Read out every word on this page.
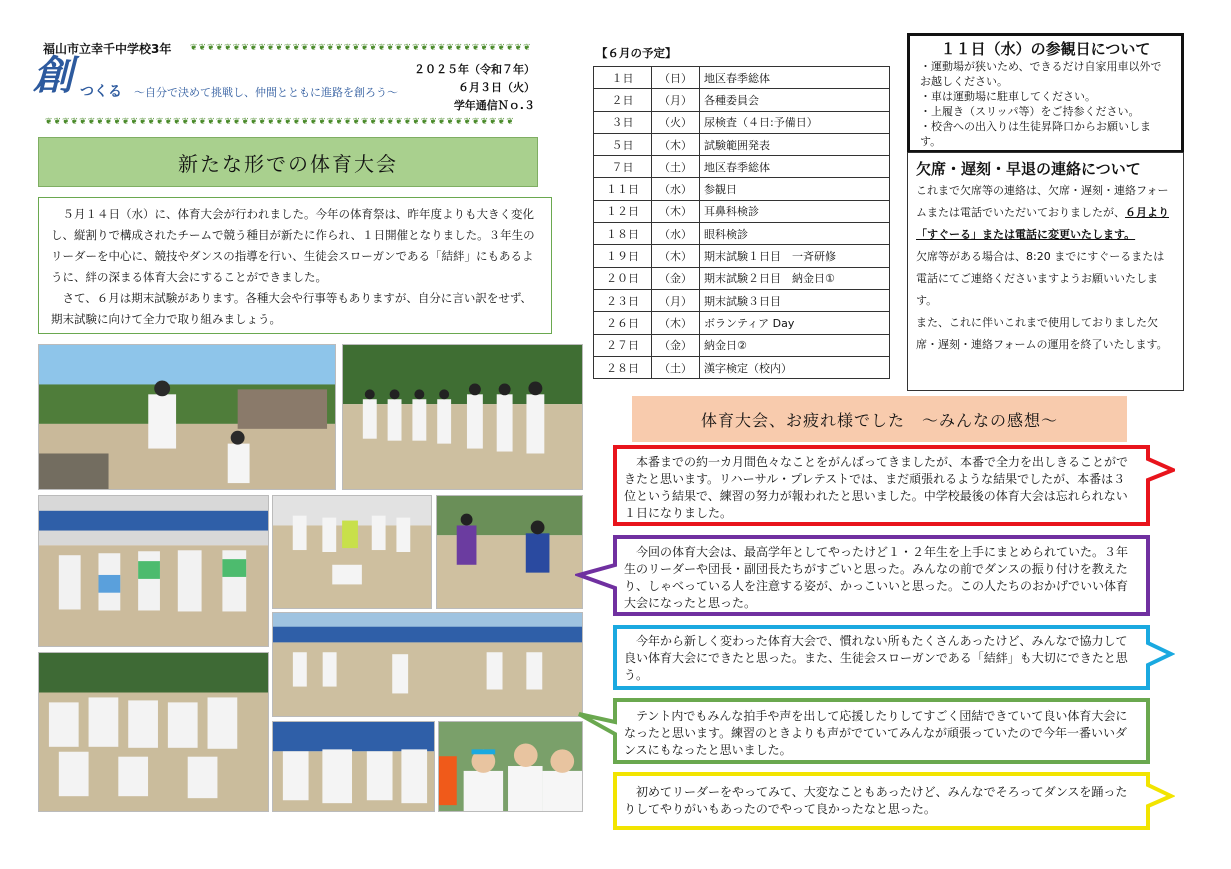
福山市立幸千中学校3年 ❦❦❦❦❦❦❦❦❦❦❦❦❦❦❦❦❦❦❦❦❦❦❦❦❦❦❦❦❦❦❦❦❦❦❦❦❦❦❦❦
創 つくる ～自分で決めて挑戦し、仲間とともに進路を創ろう～
２０２５年（令和７年）
６月３日（火）
学年通信Ｎｏ.３
❦❦❦❦❦❦❦❦❦❦❦❦❦❦❦❦❦❦❦❦❦❦❦❦❦❦❦❦❦❦❦❦❦❦❦❦❦❦❦❦❦❦❦❦❦❦❦❦❦❦❦❦❦❦❦
新たな形での体育大会

５月１４日（水）に、体育大会が行われました。今年の体育祭は、昨年度よりも大きく変化し、縦割りで構成されたチームで競う種目が新たに作られ、１日開催となりました。３年生のリーダーを中心に、競技やダンスの指導を行い、生徒会スローガンである「結絆」にもあるように、絆の深まる体育大会にすることができました。

さて、６月は期末試験があります。各種大会や行事等もありますが、自分に言い訳をせず、期末試験に向けて全力で取り組みましょう。

【６月の予定】
１日	（日）	地区春季総体
２日	（月）	各種委員会
３日	（火）	尿検査（４日:予備日）
５日	（木）	試験範囲発表
７日	（土）	地区春季総体
１１日	（水）	参観日
１２日	（木）	耳鼻科検診
１８日	（水）	眼科検診
１９日	（木）	期末試験１日目　一斉研修
２０日	（金）	期末試験２日目　納金日①
２３日	（月）	期末試験３日目
２６日	（木）	ボランティア Day
２７日	（金）	納金日②
２８日	（土）	漢字検定（校内）
１１日（水）の参観日について
・運動場が狭いため、できるだけ自家用車以外でお越しください。
・車は運動場に駐車してください。
・上履き（スリッパ等）をご持参ください。
・校舎への出入りは生徒昇降口からお願いします。
欠席・遅刻・早退の連絡について

これまで欠席等の連絡は、欠席・遅刻・連絡フォームまたは電話でいただいておりましたが、６月より「すぐーる」または電話に変更いたします。

欠席等がある場合は、8:20 までにすぐーるまたは電話にてご連絡くださいますようお願いいたします。

また、これに伴いこれまで使用しておりました欠席・遅刻・連絡フォームの運用を終了いたします。

体育大会、お疲れ様でした　～みんなの感想～
本番までの約一カ月間色々なことをがんばってきましたが、本番で全力を出しきることができたと思います。リハーサル・プレテストでは、まだ頑張れるような結果でしたが、本番は３位という結果で、練習の努力が報われたと思いました。中学校最後の体育大会は忘れられない１日になりました。
今回の体育大会は、最高学年としてやったけど１・２年生を上手にまとめられていた。３年生のリーダーや団長・副団長たちがすごいと思った。みんなの前でダンスの振り付けを教えたり、しゃべっている人を注意する姿が、かっこいいと思った。この人たちのおかげでいい体育大会になったと思った。
今年から新しく変わった体育大会で、慣れない所もたくさんあったけど、みんなで協力して良い体育大会にできたと思った。また、生徒会スローガンである「結絆」も大切にできたと思う。
テント内でもみんな拍手や声を出して応援したりしてすごく団結できていて良い体育大会になったと思います。練習のときよりも声がでていてみんなが頑張っていたので今年一番いいダンスにもなったと思いました。
初めてリーダーをやってみて、大変なこともあったけど、みんなでそろってダンスを踊ったりしてやりがいもあったのでやって良かったなと思った。
